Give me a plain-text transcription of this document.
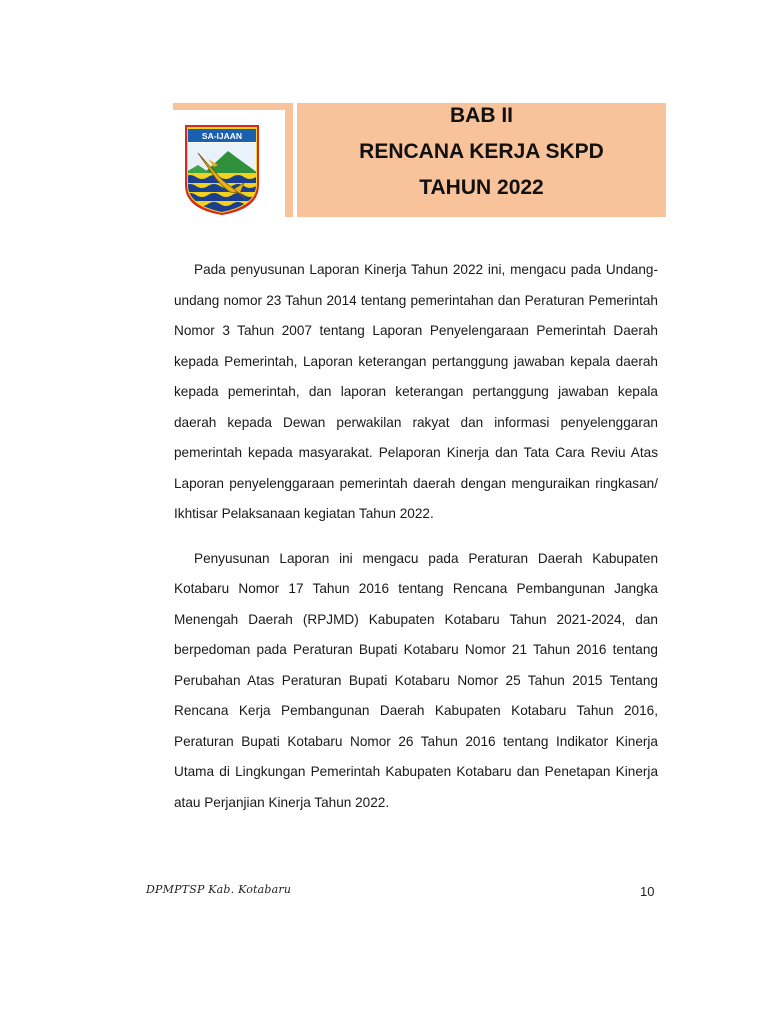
SA-IJAAN
BAB II
RENCANA KERJA SKPD
TAHUN 2022

Pada penyusunan Laporan Kinerja Tahun 2022 ini, mengacu pada Undang-undang nomor 23 Tahun 2014 tentang pemerintahan dan Peraturan Pemerintah Nomor 3 Tahun 2007 tentang Laporan Penyelengaraan Pemerintah Daerah kepada Pemerintah, Laporan keterangan pertanggung jawaban kepala daerah kepada pemerintah, dan laporan keterangan pertanggung jawaban kepala daerah kepada Dewan perwakilan rakyat dan informasi penyelenggaran pemerintah kepada masyarakat. Pelaporan Kinerja dan Tata Cara Reviu Atas Laporan penyelenggaraan pemerintah daerah dengan menguraikan ringkasan/ Ikhtisar Pelaksanaan kegiatan Tahun 2022.

Penyusunan Laporan ini mengacu pada Peraturan Daerah Kabupaten Kotabaru Nomor 17 Tahun 2016 tentang Rencana Pembangunan Jangka Menengah Daerah (RPJMD) Kabupaten Kotabaru Tahun 2021-2024, dan berpedoman pada Peraturan Bupati Kotabaru Nomor 21 Tahun 2016 tentang Perubahan Atas Peraturan Bupati Kotabaru Nomor 25 Tahun 2015 Tentang Rencana Kerja Pembangunan Daerah Kabupaten Kotabaru Tahun 2016, Peraturan Bupati Kotabaru Nomor 26 Tahun 2016 tentang Indikator Kinerja Utama di Lingkungan Pemerintah Kabupaten Kotabaru dan Penetapan Kinerja atau Perjanjian Kinerja Tahun 2022.

DPMPTSP Kab. Kotabaru	10
